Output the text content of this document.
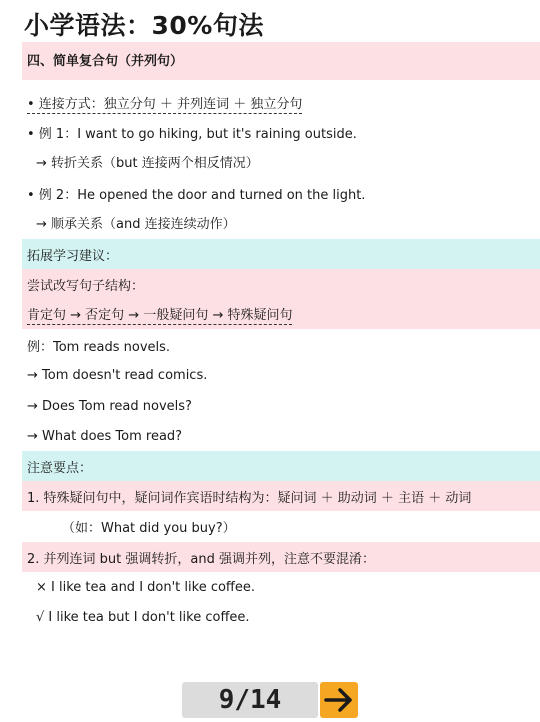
小学语法：30%句法
四、简单复合句（并列句）
• 连接方式：独立分句 ＋ 并列连词 ＋ 独立分句
• 例 1：I want to go hiking, but it's raining outside.
→ 转折关系（but 连接两个相反情况）
• 例 2：He opened the door and turned on the light.
→ 顺承关系（and 连接连续动作）
拓展学习建议：
尝试改写句子结构：
肯定句 → 否定句 → 一般疑问句 → 特殊疑问句
例：Tom reads novels.
→ Tom doesn't read comics.
→ Does Tom read novels?
→ What does Tom read?
注意要点：
1. 特殊疑问句中，疑问词作宾语时结构为：疑问词 ＋ 助动词 ＋ 主语 ＋ 动词
（如：What did you buy?）
2. 并列连词 but 强调转折，and 强调并列，注意不要混淆：
× I like tea and I don't like coffee.
√ I like tea but I don't like coffee.
9/14
